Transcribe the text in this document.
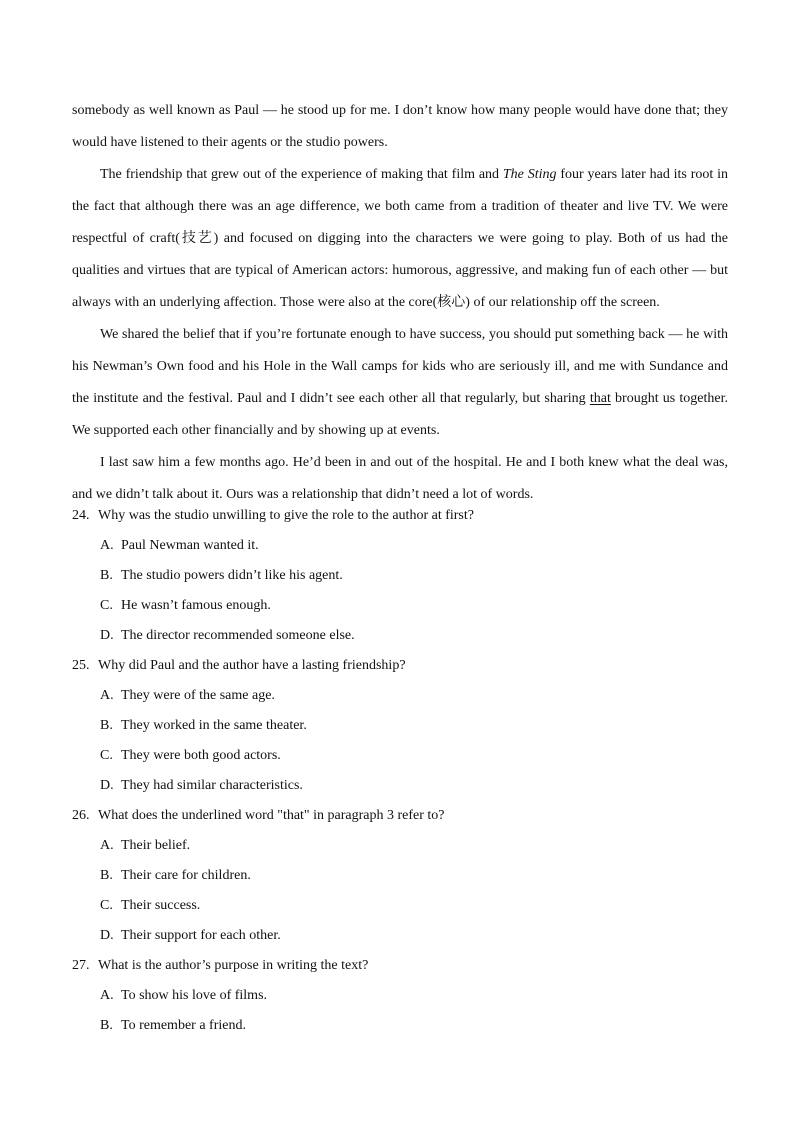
somebody as well known as Paul — he stood up for me. I don’t know how many people would have done that; they would have listened to their agents or the studio powers.

The friendship that grew out of the experience of making that film and The Sting four years later had its root in the fact that although there was an age difference, we both came from a tradition of theater and live TV. We were respectful of craft(技艺) and focused on digging into the characters we were going to play. Both of us had the qualities and virtues that are typical of American actors: humorous, aggressive, and making fun of each other — but always with an underlying affection. Those were also at the core(核心) of our relationship off the screen.

We shared the belief that if you’re fortunate enough to have success, you should put something back — he with his Newman’s Own food and his Hole in the Wall camps for kids who are seriously ill, and me with Sundance and the institute and the festival. Paul and I didn’t see each other all that regularly, but sharing that brought us together. We supported each other financially and by showing up at events.

I last saw him a few months ago. He’d been in and out of the hospital. He and I both knew what the deal was, and we didn’t talk about it. Ours was a relationship that didn’t need a lot of words.

24. Why was the studio unwilling to give the role to the author at first?

A. Paul Newman wanted it.

B. The studio powers didn’t like his agent.

C. He wasn’t famous enough.

D. The director recommended someone else.

25. Why did Paul and the author have a lasting friendship?

A. They were of the same age.

B. They worked in the same theater.

C. They were both good actors.

D. They had similar characteristics.

26. What does the underlined word "that" in paragraph 3 refer to?

A. Their belief.

B. Their care for children.

C. Their success.

D. Their support for each other.

27. What is the author’s purpose in writing the text?

A. To show his love of films.

B. To remember a friend.
